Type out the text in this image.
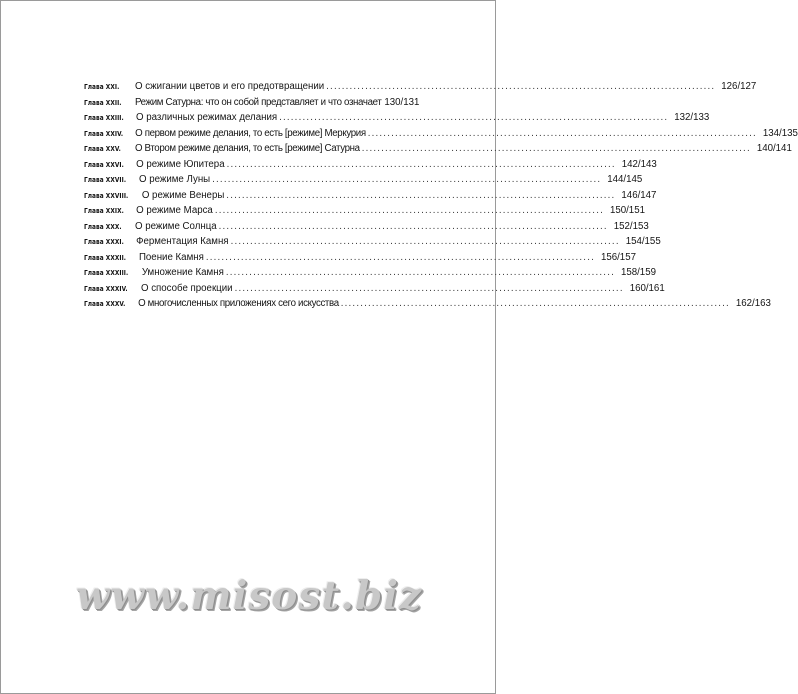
Глава XXI.	О сжигании цветов и его предотвращении .....	126/127
Глава XXII. Режим Сатурна: что он собой представляет и что означает 130/131
Глава XXIII. О различных режимах делания .....	132/133
Глава XXIV. О первом режиме делания, то есть [режиме] Меркурия .....	134/135
Глава XXV. О Втором режиме делания, то есть [режиме] Сатурна .....	140/141
Глава XXVI. О режиме Юпитера .....	142/143
Глава XXVII. О режиме Луны .....	144/145
Глава XXVIII. О режиме Венеры .....	146/147
Глава XXIX. О режиме Марса .....	150/151
Глава XXX. О режиме Солнца .....	152/153
Глава XXXI. Ферментация Камня .....	154/155
Глава XXXII. Поение Камня .....	156/157
Глава XXXIII. Умножение Камня .....	158/159
Глава XXXIV. О способе проекции .....	160/161
Глава XXXV. О многочисленных приложениях сего искусства .....	162/163
www.misost.biz
